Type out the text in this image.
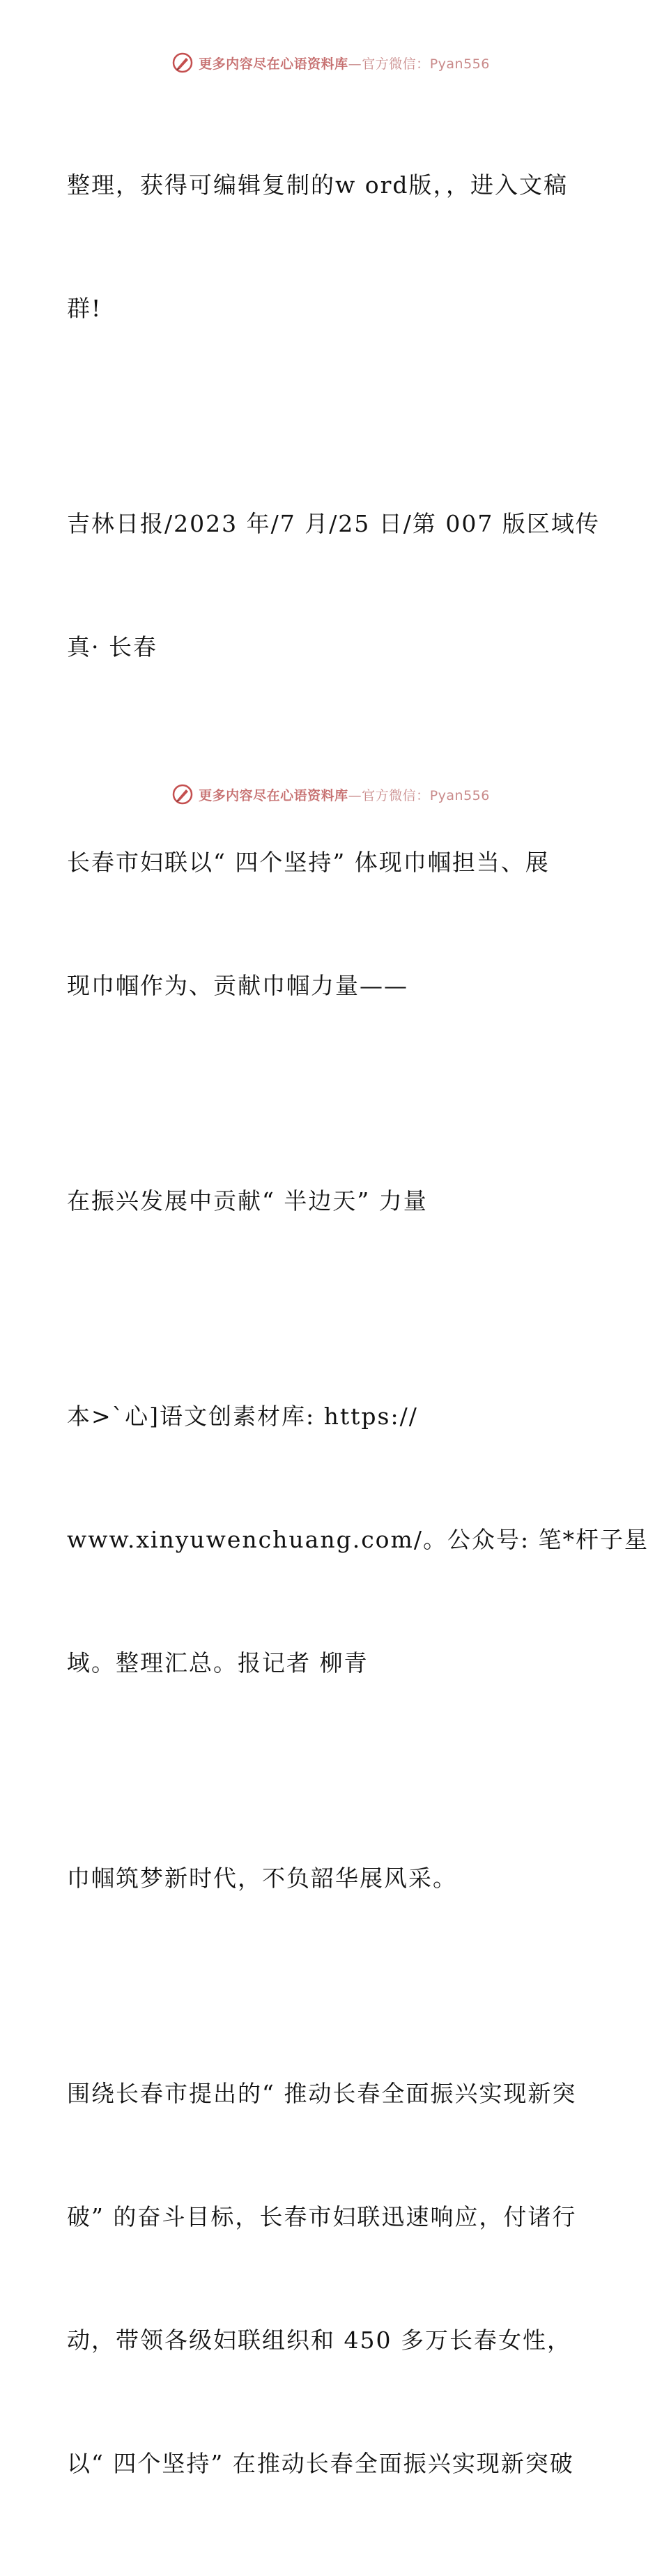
更多内容尽在心语资料库—官方微信：Pyan556

整理，获得可编辑复制的w ord版，，进入文稿

群!

吉林日报/2023 年/7 月/25 日/第 007 版区域传

真· 长春

长春市妇联以“ 四个坚持” 体现巾帼担当、展

现巾帼作为、贡献巾帼力量——

在振兴发展中贡献“ 半边天” 力量

本>`心]语文创素材库: https://

www.xinyuwenchuang.com/。公众号: 笔*杆子星

域。整理汇总。报记者 柳青

巾帼筑梦新时代，不负韶华展风采。

围绕长春市提出的“ 推动长春全面振兴实现新突

破” 的奋斗目标，长春市妇联迅速响应，付诸行

动，带领各级妇联组织和 450 多万长春女性，

以“ 四个坚持” 在推动长春全面振兴实现新突破

更多内容尽在心语资料库—官方微信：Pyan556
